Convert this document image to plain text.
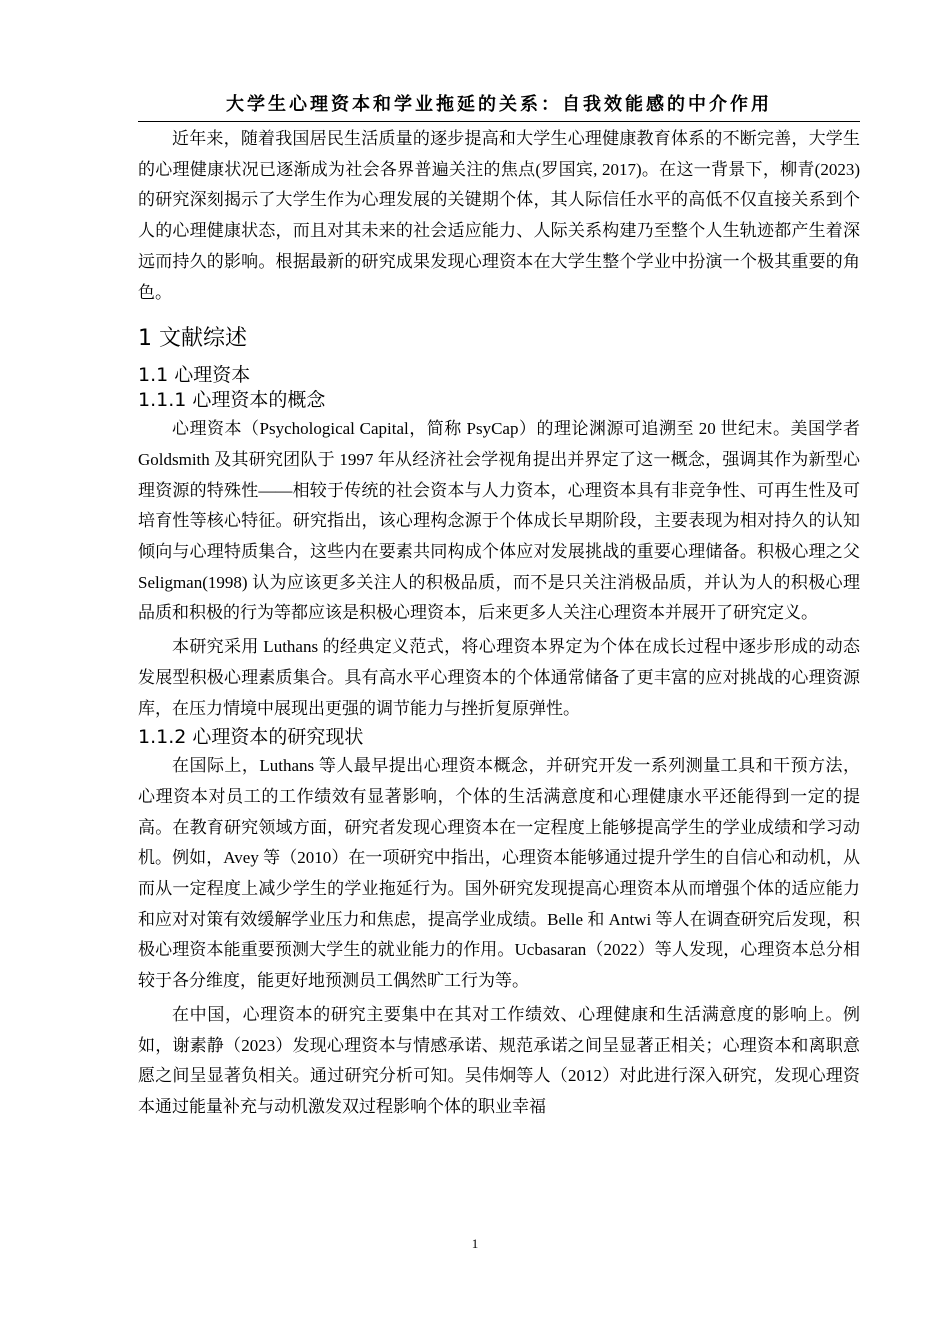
大学生心理资本和学业拖延的关系：自我效能感的中介作用

近年来，随着我国居民生活质量的逐步提高和大学生心理健康教育体系的不断完善，大学生的心理健康状况已逐渐成为社会各界普遍关注的焦点(罗国宾, 2017)。在这一背景下，柳青(2023)的研究深刻揭示了大学生作为心理发展的关键期个体，其人际信任水平的高低不仅直接关系到个人的心理健康状态，而且对其未来的社会适应能力、人际关系构建乃至整个人生轨迹都产生着深远而持久的影响。根据最新的研究成果发现心理资本在大学生整个学业中扮演一个极其重要的角色。

1 文献综述
1.1 心理资本
1.1.1 心理资本的概念

心理资本（Psychological Capital，简称 PsyCap）的理论渊源可追溯至 20 世纪末。美国学者 Goldsmith 及其研究团队于 1997 年从经济社会学视角提出并界定了这一概念，强调其作为新型心理资源的特殊性——相较于传统的社会资本与人力资本，心理资本具有非竞争性、可再生性及可培育性等核心特征。研究指出，该心理构念源于个体成长早期阶段，主要表现为相对持久的认知倾向与心理特质集合，这些内在要素共同构成个体应对发展挑战的重要心理储备。积极心理之父 Seligman(1998) 认为应该更多关注人的积极品质，而不是只关注消极品质，并认为人的积极心理品质和积极的行为等都应该是积极心理资本，后来更多人关注心理资本并展开了研究定义。

本研究采用 Luthans 的经典定义范式，将心理资本界定为个体在成长过程中逐步形成的动态发展型积极心理素质集合。具有高水平心理资本的个体通常储备了更丰富的应对挑战的心理资源库，在压力情境中展现出更强的调节能力与挫折复原弹性。

1.1.2 心理资本的研究现状

在国际上，Luthans 等人最早提出心理资本概念，并研究开发一系列测量工具和干预方法，心理资本对员工的工作绩效有显著影响，个体的生活满意度和心理健康水平还能得到一定的提高。在教育研究领域方面，研究者发现心理资本在一定程度上能够提高学生的学业成绩和学习动机。例如，Avey 等（2010）在一项研究中指出，心理资本能够通过提升学生的自信心和动机，从而从一定程度上减少学生的学业拖延行为。国外研究发现提高心理资本从而增强个体的适应能力和应对对策有效缓解学业压力和焦虑，提高学业成绩。Belle 和 Antwi 等人在调查研究后发现，积极心理资本能重要预测大学生的就业能力的作用。Ucbasaran（2022）等人发现，心理资本总分相较于各分维度，能更好地预测员工偶然旷工行为等。

在中国，心理资本的研究主要集中在其对工作绩效、心理健康和生活满意度的影响上。例如，谢素静（2023）发现心理资本与情感承诺、规范承诺之间呈显著正相关；心理资本和离职意愿之间呈显著负相关。通过研究分析可知。吴伟炯等人（2012）对此进行深入研究，发现心理资本通过能量补充与动机激发双过程影响个体的职业幸福

1
